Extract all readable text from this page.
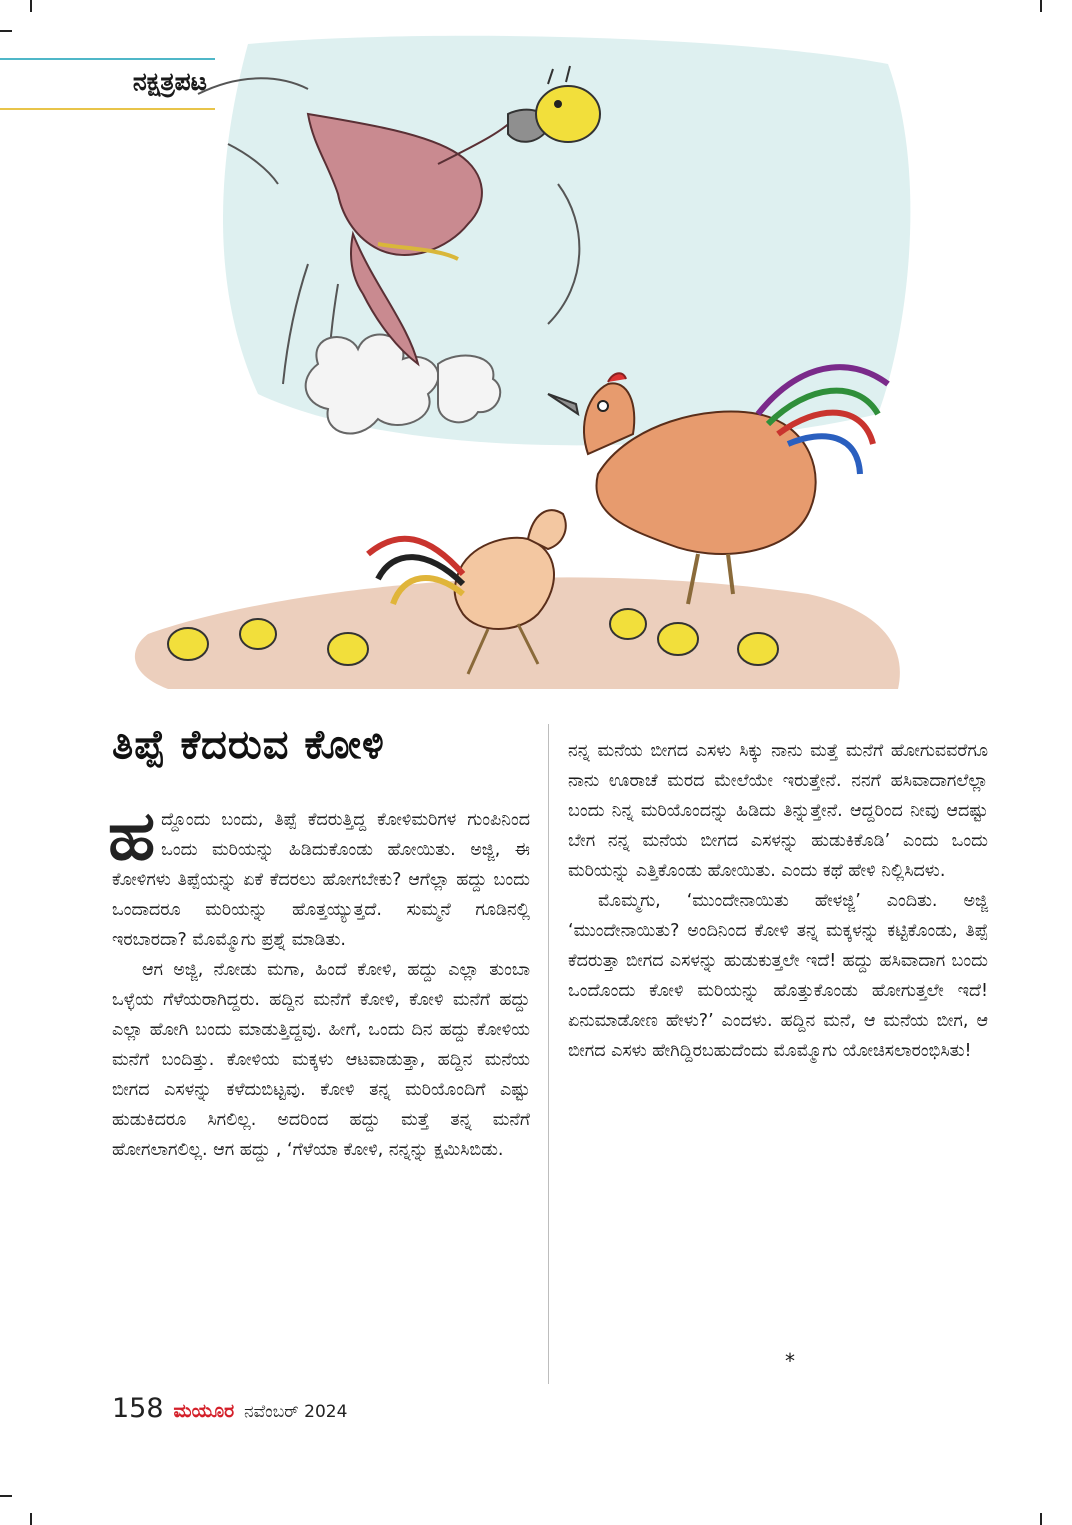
ನಕ್ಷತ್ರಪಟ
ತಿಪ್ಪೆ ಕೆದರುವ ಕೋಳಿ

ಹದ್ದೊಂದು ಬಂದು, ತಿಪ್ಪೆ ಕೆದರುತ್ತಿದ್ದ ಕೋಳಿಮರಿಗಳ ಗುಂಪಿನಿಂದ ಒಂದು ಮರಿಯನ್ನು ಹಿಡಿದುಕೊಂಡು ಹೋಯಿತು. ಅಜ್ಜಿ, ಈ ಕೋಳಿಗಳು ತಿಪ್ಪೆಯನ್ನು ಏಕೆ ಕೆದರಲು ಹೋಗಬೇಕು? ಆಗೆಲ್ಲಾ ಹದ್ದು ಬಂದು ಒಂದಾದರೂ ಮರಿಯನ್ನು ಹೊತ್ತಯ್ಯುತ್ತದೆ. ಸುಮ್ಮನೆ ಗೂಡಿನಲ್ಲಿ ಇರಬಾರದಾ? ಮೊಮ್ಮೊಗು ಪ್ರಶ್ನೆ ಮಾಡಿತು.

ಆಗ ಅಜ್ಜಿ, ನೋಡು ಮಗಾ, ಹಿಂದೆ ಕೋಳಿ, ಹದ್ದು ಎಲ್ಲಾ ತುಂಬಾ ಒಳ್ಳೆಯ ಗೆಳೆಯರಾಗಿದ್ದರು. ಹದ್ದಿನ ಮನೆಗೆ ಕೋಳಿ, ಕೋಳಿ ಮನೆಗೆ ಹದ್ದು ಎಲ್ಲಾ ಹೋಗಿ ಬಂದು ಮಾಡುತ್ತಿದ್ದವು. ಹೀಗೆ, ಒಂದು ದಿನ ಹದ್ದು ಕೋಳಿಯ ಮನೆಗೆ ಬಂದಿತ್ತು. ಕೋಳಿಯ ಮಕ್ಕಳು ಆಟವಾಡುತ್ತಾ, ಹದ್ದಿನ ಮನೆಯ ಬೀಗದ ಎಸಳನ್ನು ಕಳೆದುಬಿಟ್ಟವು. ಕೋಳಿ ತನ್ನ ಮರಿಯೊಂದಿಗೆ ಎಷ್ಟು ಹುಡುಕಿದರೂ ಸಿಗಲಿಲ್ಲ. ಅದರಿಂದ ಹದ್ದು ಮತ್ತೆ ತನ್ನ ಮನೆಗೆ ಹೋಗಲಾಗಲಿಲ್ಲ. ಆಗ ಹದ್ದು , ‘ಗೆಳೆಯಾ ಕೋಳಿ, ನನ್ನನ್ನು ಕ್ಷಮಿಸಿಬಿಡು.

ನನ್ನ ಮನೆಯ ಬೀಗದ ಎಸಳು ಸಿಕ್ಕು ನಾನು ಮತ್ತೆ ಮನೆಗೆ ಹೋಗುವವರೆಗೂ ನಾನು ಊರಾಚೆ ಮರದ ಮೇಲೆಯೇ ಇರುತ್ತೇನೆ. ನನಗೆ ಹಸಿವಾದಾಗಲೆಲ್ಲಾ ಬಂದು ನಿನ್ನ ಮರಿಯೊಂದನ್ನು ಹಿಡಿದು ತಿನ್ನುತ್ತೇನೆ. ಆದ್ದರಿಂದ ನೀವು ಆದಷ್ಟು ಬೇಗ ನನ್ನ ಮನೆಯ ಬೀಗದ ಎಸಳನ್ನು ಹುಡುಕಿಕೊಡಿ’ ಎಂದು ಒಂದು ಮರಿಯನ್ನು ಎತ್ತಿಕೊಂಡು ಹೋಯಿತು. ಎಂದು ಕಥೆ ಹೇಳಿ ನಿಲ್ಲಿಸಿದಳು.

ಮೊಮ್ಮಗು, ‘ಮುಂದೇನಾಯಿತು ಹೇಳಜ್ಜಿ’ ಎಂದಿತು. ಅಜ್ಜಿ ‘ಮುಂದೇನಾಯಿತು? ಅಂದಿನಿಂದ ಕೋಳಿ ತನ್ನ ಮಕ್ಕಳನ್ನು ಕಟ್ಟಿಕೊಂಡು, ತಿಪ್ಪೆ ಕೆದರುತ್ತಾ ಬೀಗದ ಎಸಳನ್ನು ಹುಡುಕುತ್ತಲೇ ಇದೆ! ಹದ್ದು ಹಸಿವಾದಾಗ ಬಂದು ಒಂದೊಂದು ಕೋಳಿ ಮರಿಯನ್ನು ಹೊತ್ತುಕೊಂಡು ಹೋಗುತ್ತಲೇ ಇದೆ! ಏನುಮಾಡೋಣ ಹೇಳು?’ ಎಂದಳು. ಹದ್ದಿನ ಮನೆ, ಆ ಮನೆಯ ಬೀಗ, ಆ ಬೀಗದ ಎಸಳು ಹೇಗಿದ್ದಿರಬಹುದೆಂದು ಮೊಮ್ಮೊಗು ಯೋಚಿಸಲಾರಂಭಿಸಿತು!

*
158 ಮಯೂರ ನವೆಂಬರ್ 2024
